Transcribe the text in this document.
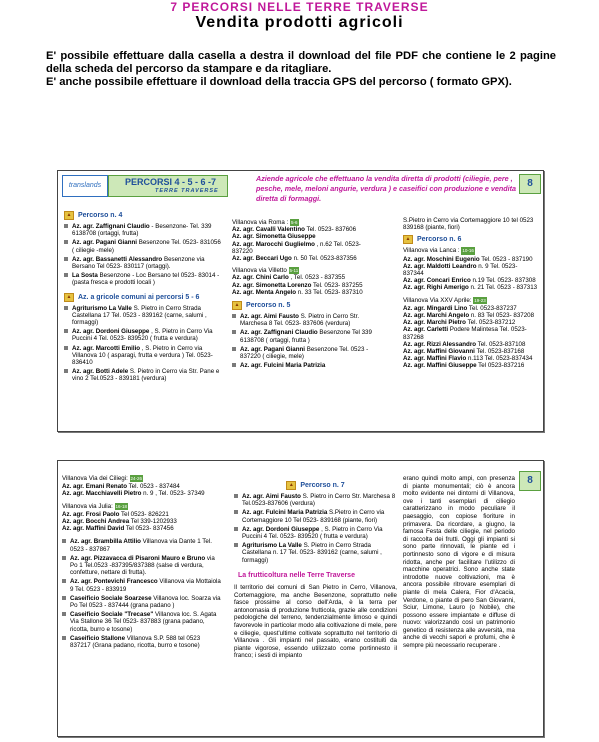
7 PERCORSI NELLE TERRE TRAVERSE
Vendita prodotti agricoli

E' possibile effettuare dalla casella a destra il download del file PDF che contiene le 2 pagine della scheda del percorso da stampare e da ritagliare.

E' anche possibile effettuare il download della traccia GPS del percorso ( formato GPX).

translands	PERCORSI 4 - 5 - 6 -7
TERRE TRAVERSE
Aziende agricole che effettuano la vendita diretta di prodotti (ciliegie, pere , pesche, mele, meloni angurie, verdura ) e caseifici con produzione e vendita diretta di formaggi.
8
▲ Percorso n. 4
Az. agr. Zaffignani Claudio - Besenzone- Tel. 339 6138708 (ortaggi, frutta)
Az. agr. Pagani Gianni Besenzone Tel. 0523- 831056 ( ciliegie -mele)
Az. agr. Bassanetti Alessandro Besenzone via Bersano Tel 0523- 830117 (ortaggi).
La Sosta Besenzone - Loc Bersano tel 0523- 83014 - (pasta fresca e prodotti locali )
▲ Az. a gricole comuni ai percorsi 5 - 6
Agriturismo La Valle S. Pietro in Cerro Strada Castellana 17 Tel. 0523 - 839162 (carne, salumi , formaggi)
Az. agr. Dordoni Giuseppe , S. Pietro in Cerro Via Puccini 4 Tel. 0523- 839520 ( frutta e verdura)
Az. agr. Marcotti Emilio , S. Pietro in Cerro via Villanova 10 ( asparagi, frutta e verdura ) Tel. 0523- 836410
Az. agr. Botti Adele S. Pietro in Cerro via Str. Pane e vino 2 Tel.0523 - 839181 (verdura)
Villanova via Roma : 5-6
Az. agr. Cavalli Valentino Tel. 0523- 837606
Az. agr. Simonetta Giuseppe
Az. agr. Marocchi Guglielmo , n.62 Tel. 0523- 837220
Az. agr. Beccari Ugo n. 50 Tel. 0523-837356
Villanova via Villetto 5-11
Az. agr. Chini Carlo , Tel. 0523 - 837355
Az. agr. Simonetta Lorenzo Tel. 0523- 837255
Az. agr. Menta Angelo n. 33 Tel. 0523- 837310
▲ Percorso n. 5
Az. agr. Aimi Fausto S. Pietro in Cerro Str. Marchesa 8 Tel. 0523- 837606 (verdura)
Az. agr. Zaffignani Claudio Besenzone Tel 339 6138708 ( ortaggi, frutta )
Az. agr. Pagani Gianni Besenzone Tel. 0523 - 837220 ( ciliegie, mele)
Az. agr. Fulcini Maria Patrizia

S.Pietro in Cerro via Cortemaggiore 10 tel 0523 839168 (piante, fiori)

▲ Percorso n. 6

Villanova via Lanca : 10-16

Az. agr. Moschini Eugenio Tel. 0523 - 837190
Az. agr. Maldotti Leandro n. 9 Tel. 0523- 837344
Az. agr. Concari Enrico n.19 Tel. 0523- 837308
Az. agr. Righi Amerigo n. 21 Tel. 0523 - 837313

Villanova Via XXV Aprile: 19-23

Az. agr. Mingardi Lino Tel. 0523-837237
Az. agr. Marchi Angelo n. 83 Tel 0523- 837208
Az. agr. Marchi Pietro Tel. 0523-837212
Az. agr. Carletti Podere Malintesa Tel. 0523- 837268
Az. agr. Rizzi Alessandro Tel. 0523-837108
Az. agr. Maffini Giovanni Tel. 0523-837168
Az. agr. Maffini Flavio n.113 Tel. 0523-837434
Az. agr. Maffini Giuseppe Tel 0523-837216
8

Villanova Via dei Ciliegi: 24-26

Az. agr. Emani Renato Tel. 0523 - 837484
Az. agr. Macchiavelli Pietro n. 9 , Tel. 0523- 37349

Villanova via Julia: 16-18

Az. agr. Frosi Paolo Tel 0523- 826221
Az. agr. Bocchi Andrea Tel 339-1202933
Az. agr. Maffini David Tel 0523- 837456
Az. agr. Brambilla Attilio Villanova via Dante 1 Tel. 0523 - 837867
Az. agr. Pizzavacca di Pisaroni Mauro e Bruno via Po 1 Tel.0523 -837395/837388 (salse di verdura, confetture, nettare di frutta).
Az. agr. Pontevichi Francesco Villanova via Mottaiola 9 Tel. 0523 - 833919
Caseificio Sociale Soarzese Villanova loc. Soarza via Po Tel 0523 - 837444 (grana padano )
Caseificio Sociale "Trecase" Villanova loc. S. Agata Via Stallone 36 Tel 0523- 837883 (grana padano, ricotta, burro e tosone)
Caseificio Stallone Villanova S.P. 588 tel 0523 837217 (Grana padano, ricotta, burro e tosone)
▲ Percorso n. 7
Az. agr. Aimi Fausto S. Pietro in Cerro Str. Marchesa 8 Tel.0523-837606 (verdura)
Az. agr. Fulcini Maria Patrizia S.Pietro in Cerro via Cortemaggiore 10 Tel 0523- 839168 (piante, fiori)
Az. agr. Dordoni Giuseppe , S. Pietro in Cerro Via Puccini 4 Tel. 0523- 839520 ( frutta e verdura)
Agriturismo La Valle S. Pietro in Cerro Strada Castellana n. 17 Tel. 0523- 839162 (carne, salumi , formaggi)
La frutticoltura nelle Terre Traverse
Il territorio dei comuni di San Pietro in Cerro, Villanova, Cortemaggiore, ma anche Besenzone, soprattutto nelle fasce prossime al corso dell'Arda, è la terra per antonomasia di produzione frutticola, grazie alle condizioni pedologiche del terreno, tendenzialmente limoso e quindi favorevole in particolar modo alla coltivazione di mele, pere e ciliegie, quest'ultime coltivate soprattutto nel territorio di Villanova . Gli impianti nel passato, erano costituiti da piante vigorose, essendo utilizzato come portinnesto il franco; i sesti di impianto
erano quindi molto ampi, con presenza di piante monumentali; ciò è ancora molto evidente nei dintorni di Villanova, ove i tanti esemplari di ciliegio caratterizzano in modo peculiare il paesaggio, con copiose fioriture in primavera. Da ricordare, a giugno, la famosa Festa delle ciliegie, nel periodo di raccolta dei frutti. Oggi gli impianti si sono parte rinnovati, le piante ed i portinnesto sono di vigore e di misura ridotta, anche per facilitare l'utilizzo di macchine operatrici. Sono anche state introdotte nuove coltivazioni, ma è ancora possibile ritrovare esemplari di piante di mela Calera, Fior d'Acacia, Verdone, o piante di pero San Giovanni, Sciur, Limone, Lauro (o Nobile), che possono essere impiantate e diffuse di nuovo: valorizzando così un patrimonio genetico di resistenza alle avversità, ma anche di vecchi sapori e profumi, che è sempre più necessario recuperare .
